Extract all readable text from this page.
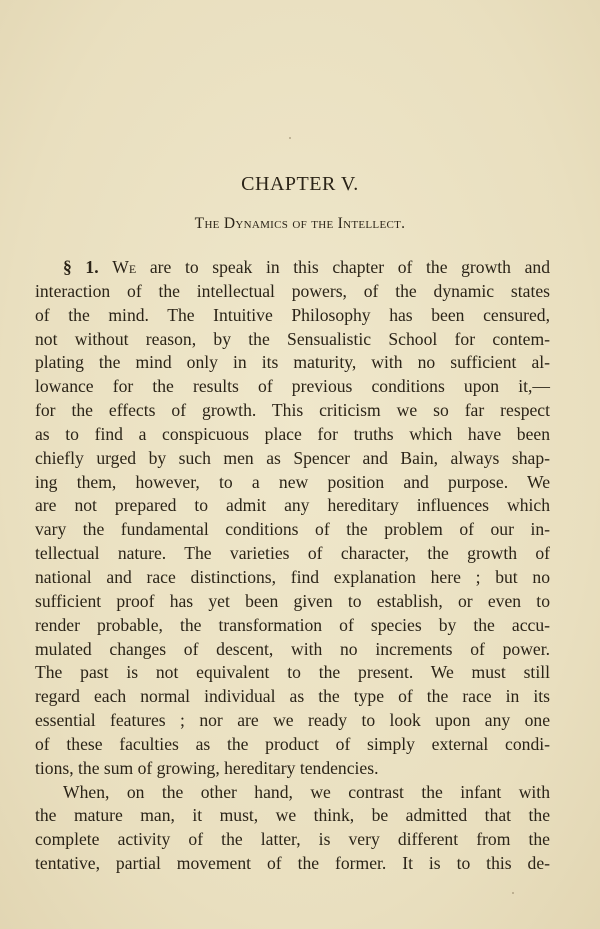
CHAPTER V.
The Dynamics of the Intellect.
§ 1. We are to speak in this chapter of the growth and
interaction of the intellectual powers, of the dynamic states
of the mind. The Intuitive Philosophy has been censured,
not without reason, by the Sensualistic School for contem-
plating the mind only in its maturity, with no sufficient al-
lowance for the results of previous conditions upon it,—
for the effects of growth. This criticism we so far respect
as to find a conspicuous place for truths which have been
chiefly urged by such men as Spencer and Bain, always shap-
ing them, however, to a new position and purpose. We
are not prepared to admit any hereditary influences which
vary the fundamental conditions of the problem of our in-
tellectual nature. The varieties of character, the growth of
national and race distinctions, find explanation here ; but no
sufficient proof has yet been given to establish, or even to
render probable, the transformation of species by the accu-
mulated changes of descent, with no increments of power.
The past is not equivalent to the present. We must still
regard each normal individual as the type of the race in its
essential features ; nor are we ready to look upon any one
of these faculties as the product of simply external condi-
tions, the sum of growing, hereditary tendencies.
When, on the other hand, we contrast the infant with
the mature man, it must, we think, be admitted that the
complete activity of the latter, is very different from the
tentative, partial movement of the former. It is to this de-
